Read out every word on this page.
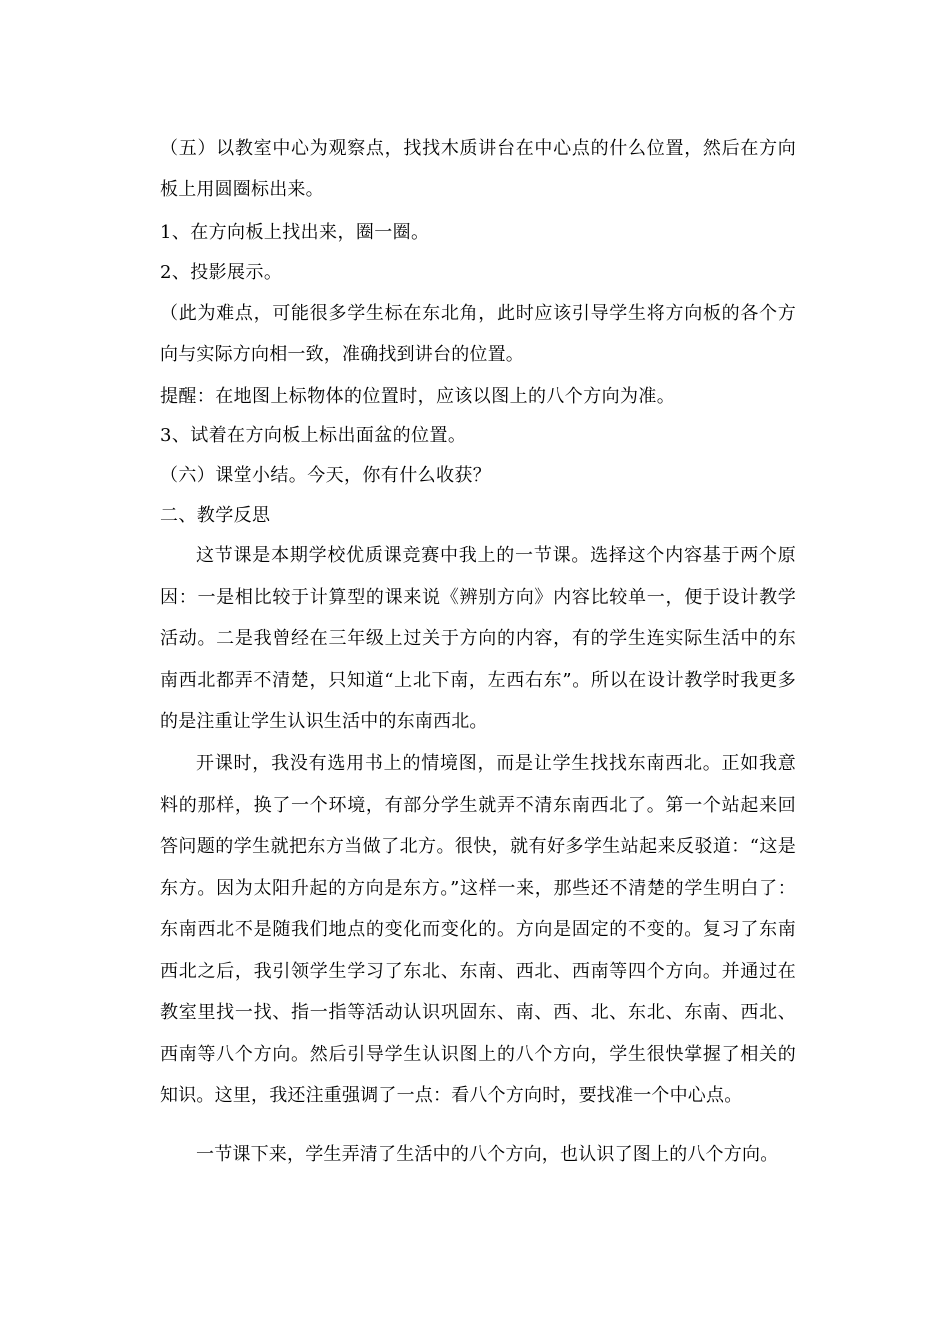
（五）以教室中心为观察点，找找木质讲台在中心点的什么位置，然后在方向板上用圆圈标出来。
1、在方向板上找出来，圈一圈。
2、投影展示。
（此为难点，可能很多学生标在东北角，此时应该引导学生将方向板的各个方向与实际方向相一致，准确找到讲台的位置。
提醒：在地图上标物体的位置时，应该以图上的八个方向为准。
3、试着在方向板上标出面盆的位置。
（六）课堂小结。今天，你有什么收获？
二、教学反思
这节课是本期学校优质课竞赛中我上的一节课。选择这个内容基于两个原因：一是相比较于计算型的课来说《辨别方向》内容比较单一，便于设计教学活动。二是我曾经在三年级上过关于方向的内容，有的学生连实际生活中的东南西北都弄不清楚，只知道“上北下南，左西右东”。所以在设计教学时我更多的是注重让学生认识生活中的东南西北。
开课时，我没有选用书上的情境图，而是让学生找找东南西北。正如我意料的那样，换了一个环境，有部分学生就弄不清东南西北了。第一个站起来回答问题的学生就把东方当做了北方。很快，就有好多学生站起来反驳道：“这是东方。因为太阳升起的方向是东方。”这样一来，那些还不清楚的学生明白了：东南西北不是随我们地点的变化而变化的。方向是固定的不变的。复习了东南西北之后，我引领学生学习了东北、东南、西北、西南等四个方向。并通过在教室里找一找、指一指等活动认识巩固东、南、西、北、东北、东南、西北、西南等八个方向。然后引导学生认识图上的八个方向，学生很快掌握了相关的知识。这里，我还注重强调了一点：看八个方向时，要找准一个中心点。
一节课下来，学生弄清了生活中的八个方向，也认识了图上的八个方向。
